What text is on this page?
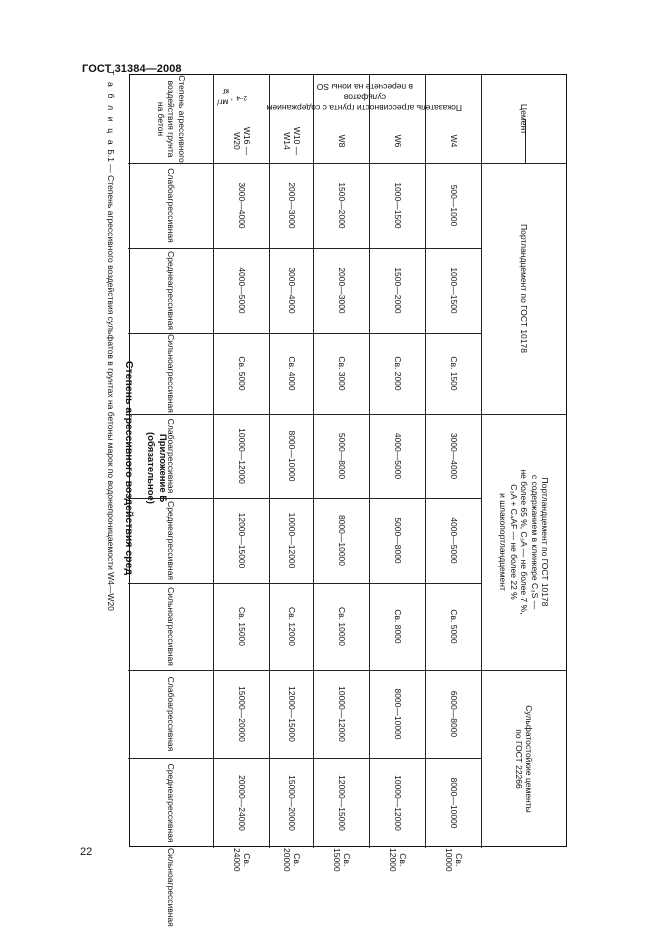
ГОСТ 31384—2008
Приложение Б
(обязательное)
Степень агрессивного воздействия сред
Цемент
Показатель агрессивности грунта с содержанием сульфатов
в пересчете на ионы SO
2−
4
, мг/кг
Степень агрессивного
воздействия грунта на бетон
W4
W6
W8
W10 — W14
W16 — W20
Портландцемент по ГОСТ 10178
Портландцемент по ГОСТ 10178
с содержанием в клинкере C₃S —
не более 65 %, C₃A — не более 7 %,
C₃A + C₄AF — не более 22 %
и шлакопортландцемент
Сульфатостойкие цементы
по ГОСТ 22266
500—1000
1000—1500
1500—2000
2000—3000
3000—4000
Слабоагрессивная
1000—1500
1500—2000
2000—3000
3000—4000
4000—5000
Среднеагрессивная
Св. 1500
Св. 2000
Св. 3000
Св. 4000
Св. 5000
Сильноагрессивная
3000—4000
4000—5000
5000—8000
8000—10000
10000—12000
Слабоагрессивная
4000—5000
5000—8000
8000—10000
10000—12000
12000—15000
Среднеагрессивная
Св. 5000
Св. 8000
Св. 10000
Св. 12000
Св. 15000
Сильноагрессивная
6000—8000
8000—10000
10000—12000
12000—15000
15000—20000
Слабоагрессивная
8000—10000
10000—12000
12000—15000
15000—20000
20000—24000
Среднеагрессивная
Св. 10000
Св. 12000
Св. 15000
Св. 20000
Св. 24000
Сильноагрессивная
Т а б л и ц а Б.1 — Степень агрессивного воздействия сульфатов в грунтах на бетоны марок по водонепроницаемости W4—W20
22
